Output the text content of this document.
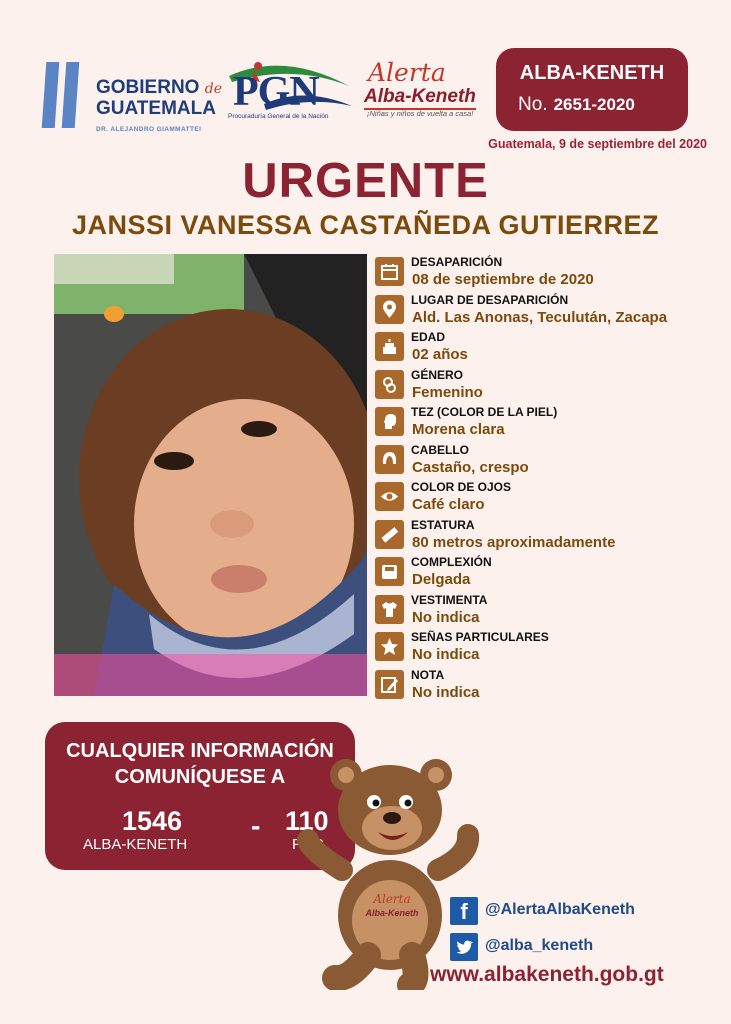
GOBIERNO de
GUATEMALA
DR. ALEJANDRO GIAMMATTEI
PGN
Procuraduría General de la Nación
Alerta
Alba-Keneth
¡Niñas y niños de vuelta a casa!
ALBA-KENETH
No. 2651-2020
Guatemala, 9 de septiembre del 2020
URGENTE
JANSSI VANESSA CASTAÑEDA GUTIERREZ
DESAPARICIÓN
08 de septiembre de 2020
LUGAR DE DESAPARICIÓN
Ald. Las Anonas, Teculután, Zacapa
EDAD
02 años
GÉNERO
Femenino
TEZ (COLOR DE LA PIEL)
Morena clara
CABELLO
Castaño, crespo
COLOR DE OJOS
Café claro
ESTATURA
80 metros aproximadamente
COMPLEXIÓN
Delgada
VESTIMENTA
No indica
SEÑAS PARTICULARES
No indica
NOTA
No indica
CUALQUIER INFORMACIÓN
COMUNÍQUESE A
1546
ALBA-KENETH
- 110
PNC
Alerta
Alba-Keneth	f	@AlertaAlbaKeneth
@alba_keneth
www.albakeneth.gob.gt
